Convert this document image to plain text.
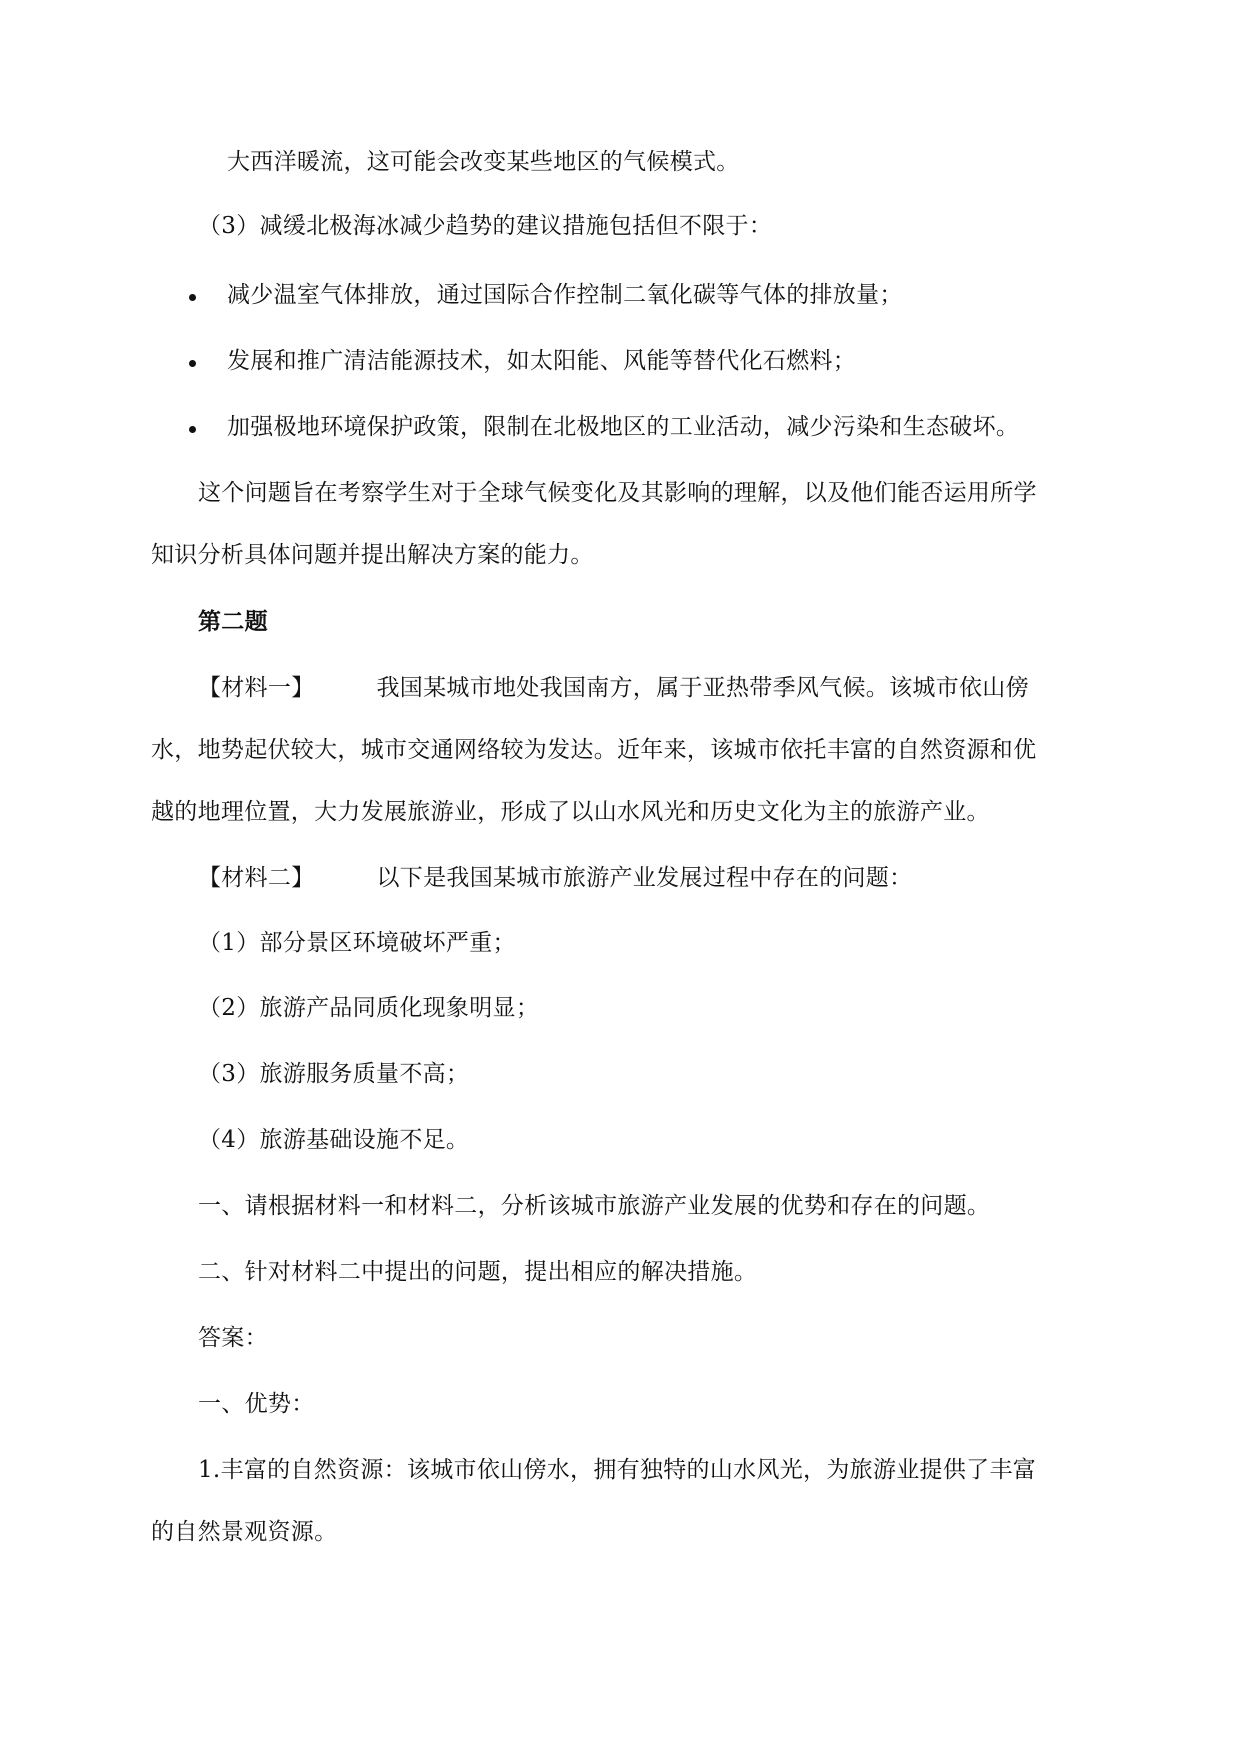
大西洋暖流，这可能会改变某些地区的气候模式。
（3）减缓北极海冰减少趋势的建议措施包括但不限于：
减少温室气体排放，通过国际合作控制二氧化碳等气体的排放量；
发展和推广清洁能源技术，如太阳能、风能等替代化石燃料；
加强极地环境保护政策，限制在北极地区的工业活动，减少污染和生态破坏。
这个问题旨在考察学生对于全球气候变化及其影响的理解，以及他们能否运用所学
知识分析具体问题并提出解决方案的能力。
第二题
【材料一】	我国某城市地处我国南方，属于亚热带季风气候。该城市依山傍
水，地势起伏较大，城市交通网络较为发达。近年来，该城市依托丰富的自然资源和优
越的地理位置，大力发展旅游业，形成了以山水风光和历史文化为主的旅游产业。
【材料二】	以下是我国某城市旅游产业发展过程中存在的问题：
（1）部分景区环境破坏严重；
（2）旅游产品同质化现象明显；
（3）旅游服务质量不高；
（4）旅游基础设施不足。
一、请根据材料一和材料二，分析该城市旅游产业发展的优势和存在的问题。
二、针对材料二中提出的问题，提出相应的解决措施。
答案：
一、优势：
1.丰富的自然资源：该城市依山傍水，拥有独特的山水风光，为旅游业提供了丰富
的自然景观资源。
